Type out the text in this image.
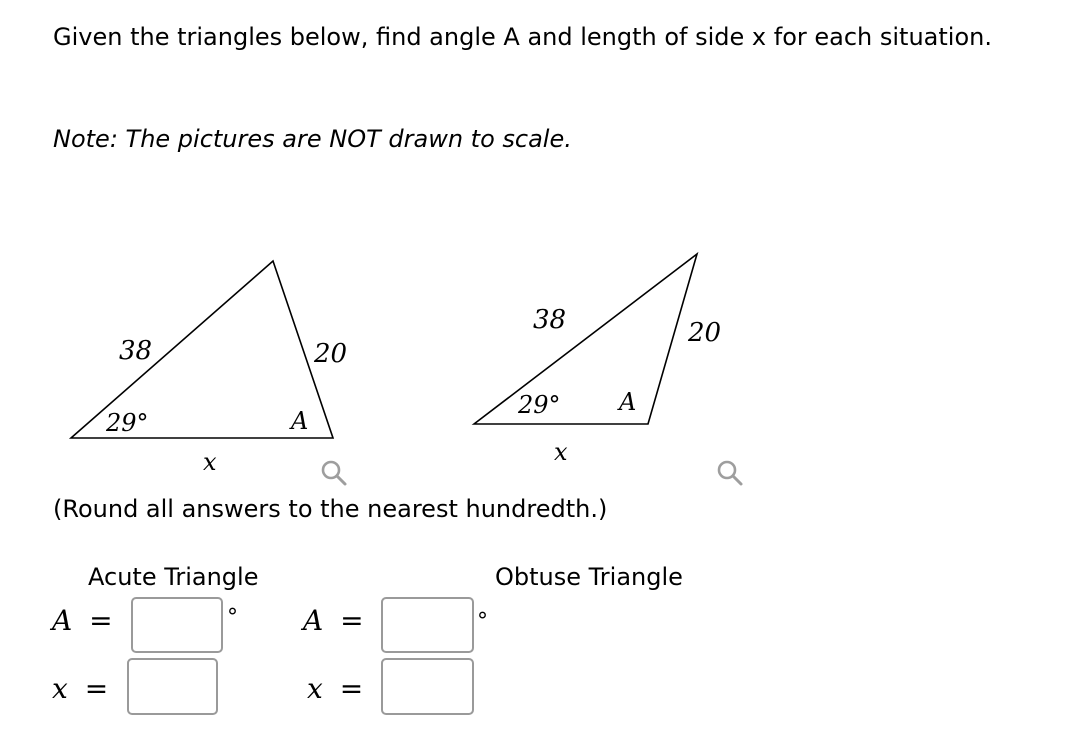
Given the triangles below, find angle A and length of side x for each situation.
Note: The pictures are NOT drawn to scale.
38	20
29°	A
x
38	20
29° A
x
(Round all answers to the nearest hundredth.)
Acute Triangle	Obtuse Triangle
A =	°
x =
A =	°
x =
